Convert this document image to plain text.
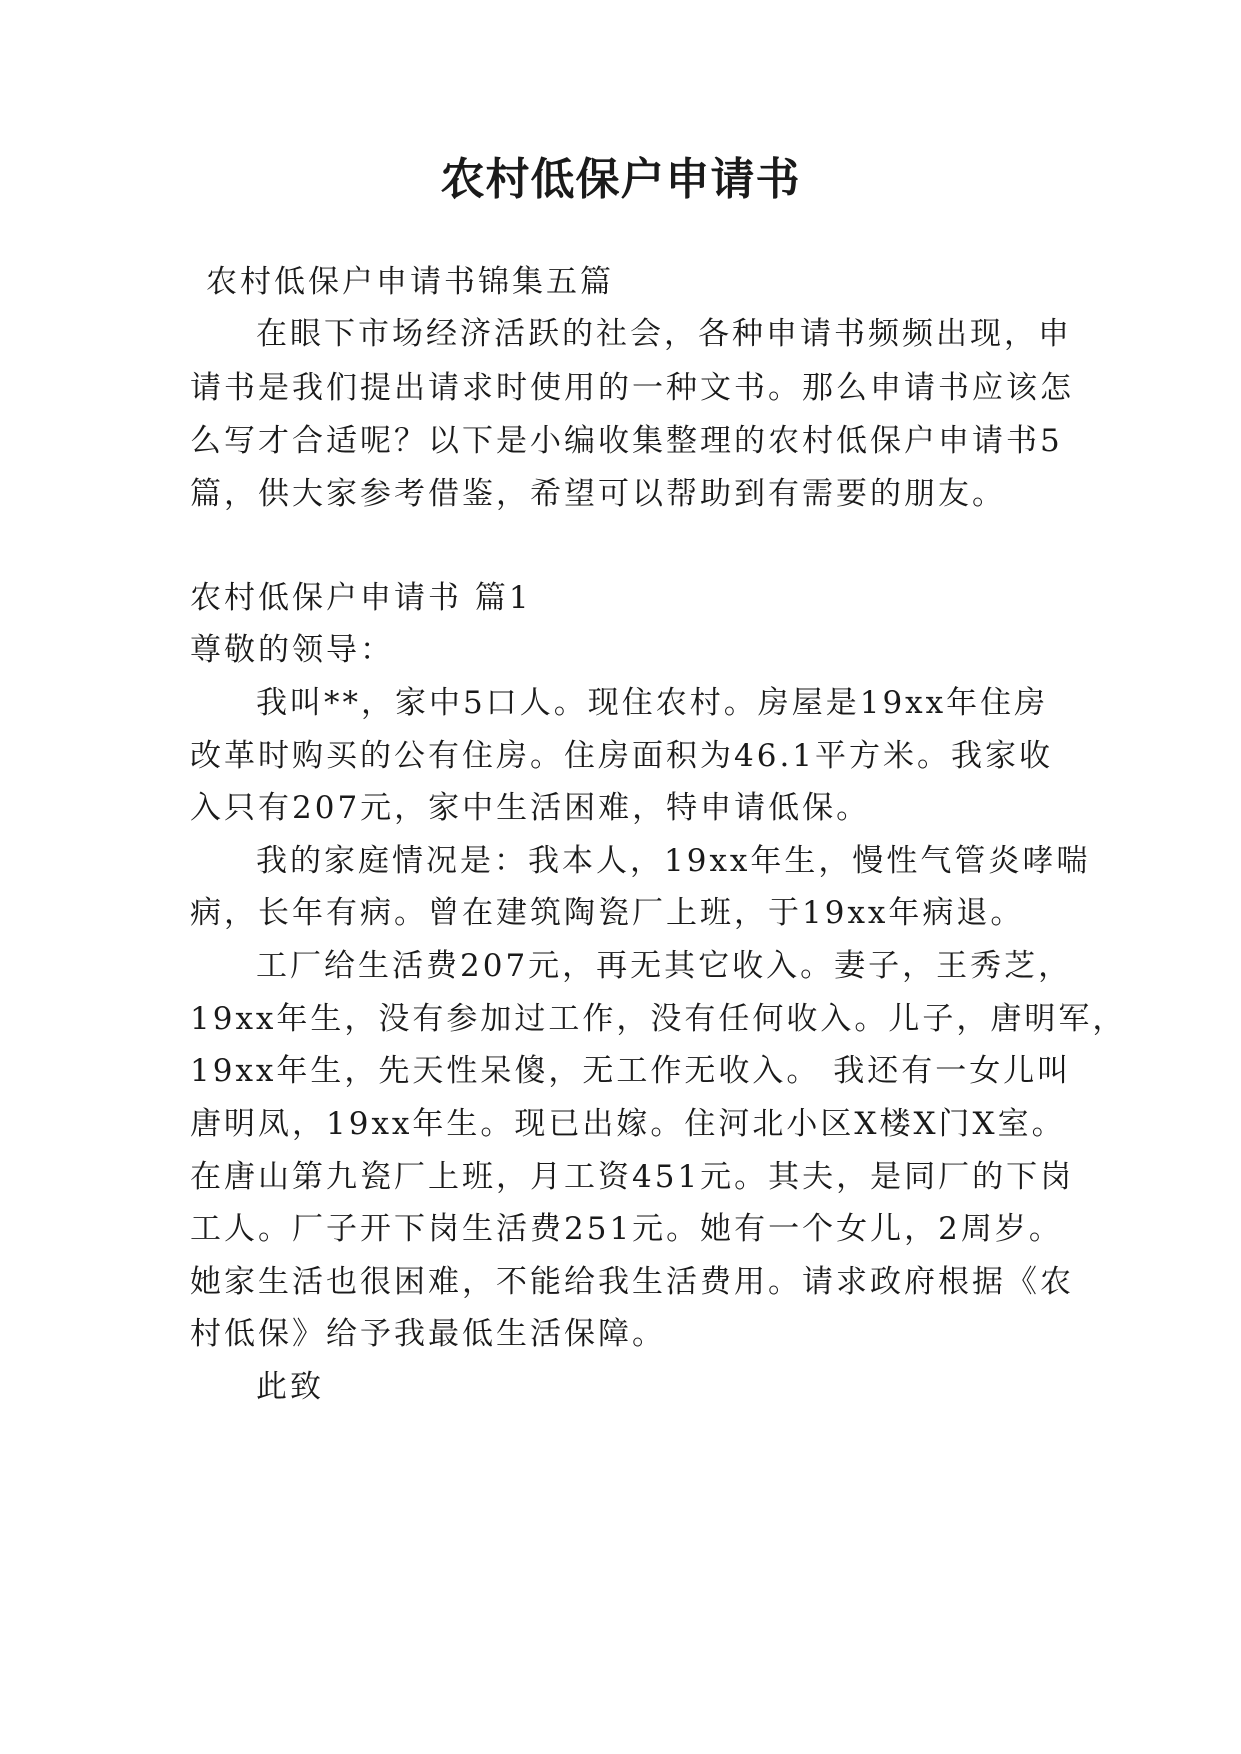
农村低保户申请书
农村低保户申请书锦集五篇
在眼下市场经济活跃的社会，各种申请书频频出现，申
请书是我们提出请求时使用的一种文书。那么申请书应该怎
么写才合适呢？以下是小编收集整理的农村低保户申请书5
篇，供大家参考借鉴，希望可以帮助到有需要的朋友。
农村低保户申请书 篇1
尊敬的领导：
我叫**，家中5口人。现住农村。房屋是19xx年住房
改革时购买的公有住房。住房面积为46.1平方米。我家收
入只有207元，家中生活困难，特申请低保。
我的家庭情况是：我本人，19xx年生，慢性气管炎哮喘
病，长年有病。曾在建筑陶瓷厂上班，于19xx年病退。
工厂给生活费207元，再无其它收入。妻子，王秀芝，
19xx年生，没有参加过工作，没有任何收入。儿子，唐明军，
19xx年生，先天性呆傻，无工作无收入。 我还有一女儿叫
唐明凤，19xx年生。现已出嫁。住河北小区X楼X门X室。
在唐山第九瓷厂上班，月工资451元。其夫，是同厂的下岗
工人。厂子开下岗生活费251元。她有一个女儿，2周岁。
她家生活也很困难，不能给我生活费用。请求政府根据《农
村低保》给予我最低生活保障。
此致
